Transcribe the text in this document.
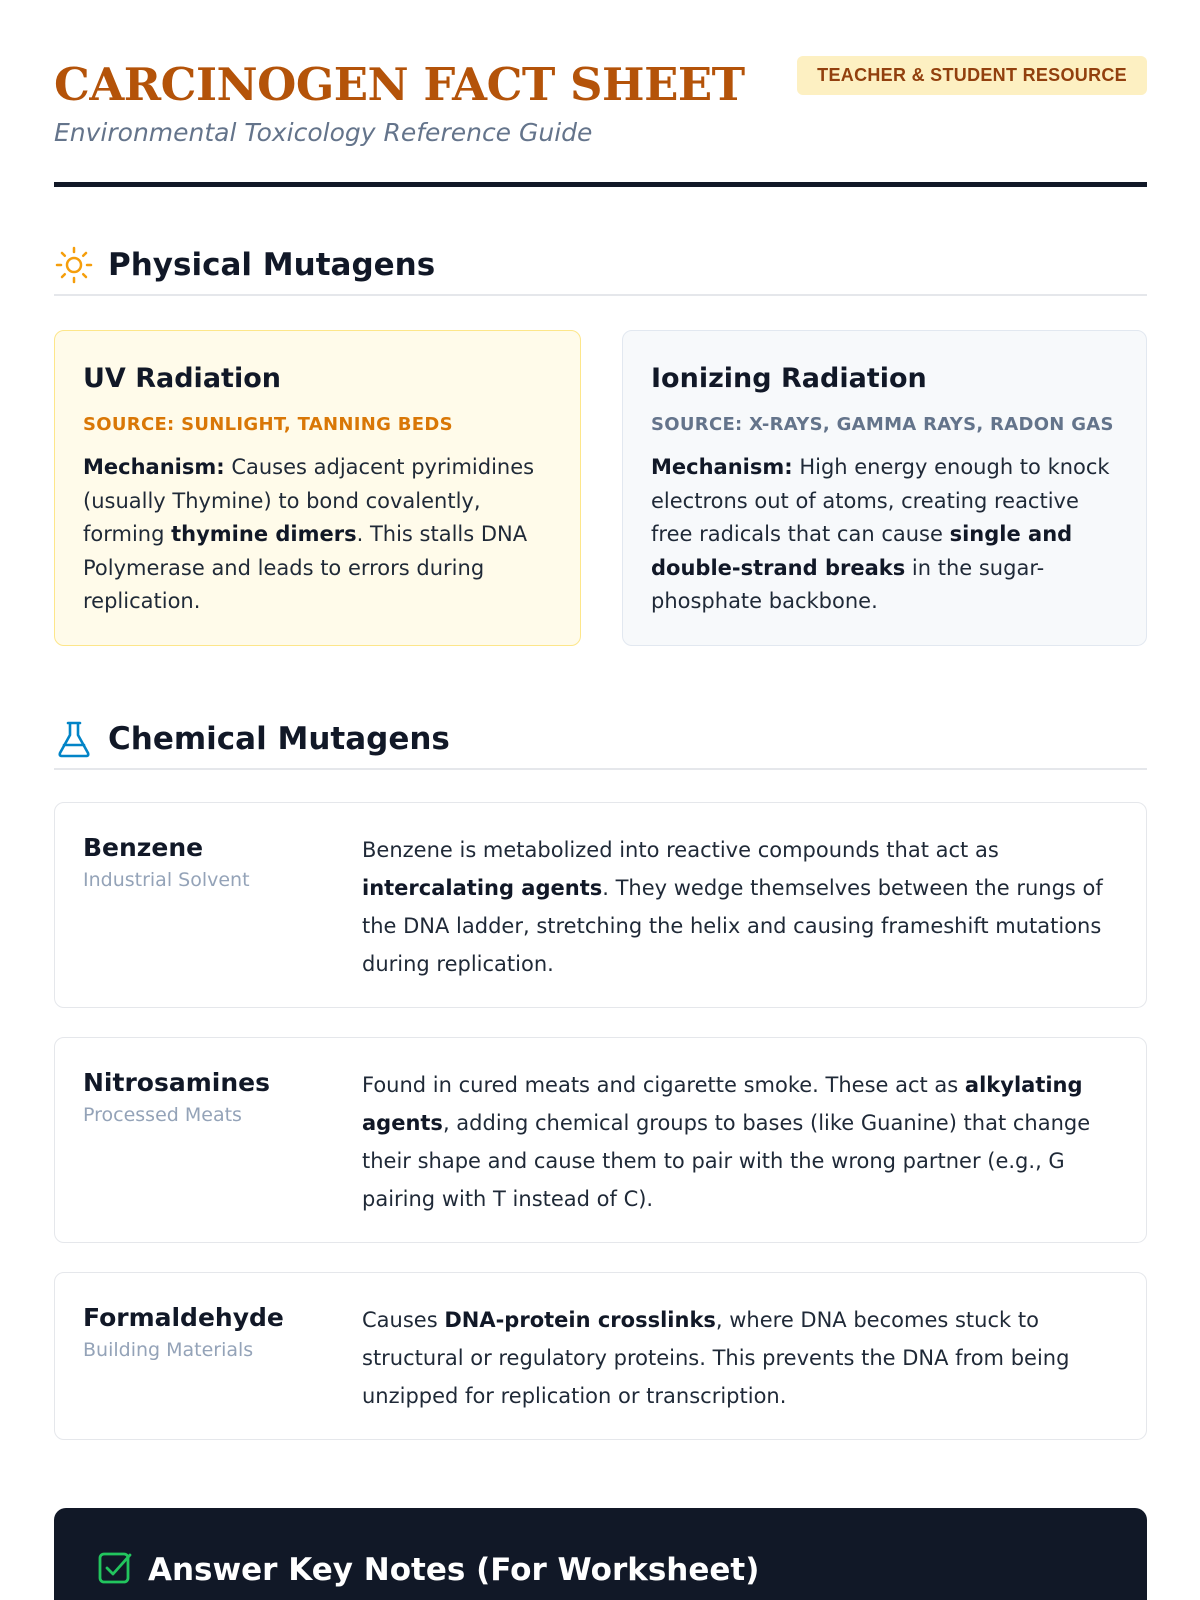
CARCINOGEN FACT SHEET
Environmental Toxicology Reference Guide
TEACHER & STUDENT RESOURCE
Physical Mutagens
UV Radiation
SOURCE: SUNLIGHT, TANNING BEDS

Mechanism: Causes adjacent pyrimidines (usually Thymine) to bond covalently, forming thymine dimers. This stalls DNA Polymerase and leads to errors during replication.

Ionizing Radiation
SOURCE: X-RAYS, GAMMA RAYS, RADON GAS

Mechanism: High energy enough to knock electrons out of atoms, creating reactive free radicals that can cause single and double-strand breaks in the sugar-phosphate backbone.

Chemical Mutagens
Benzene
Industrial Solvent
Benzene is metabolized into reactive compounds that act as intercalating agents. They wedge themselves between the rungs of the DNA ladder, stretching the helix and causing frameshift mutations during replication.
Nitrosamines
Processed Meats
Found in cured meats and cigarette smoke. These act as alkylating agents, adding chemical groups to bases (like Guanine) that change their shape and cause them to pair with the wrong partner (e.g., G pairing with T instead of C).
Formaldehyde
Building Materials
Causes DNA-protein crosslinks, where DNA becomes stuck to structural or regulatory proteins. This prevents the DNA from being unzipped for replication or transcription.
Answer Key Notes (For Worksheet)
